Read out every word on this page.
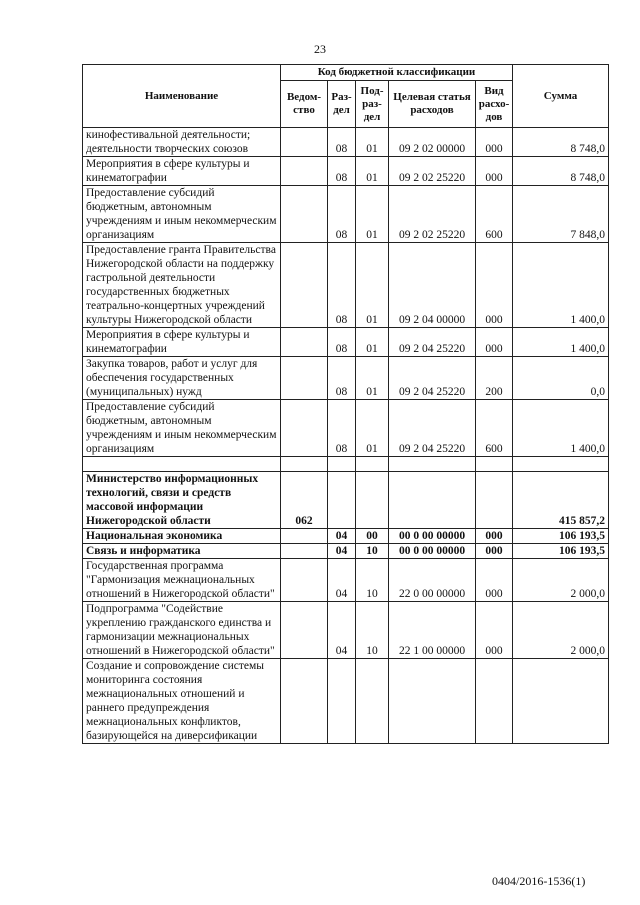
23
Наименование	Код бюджетной классификации					Сумма
	Ведом-ство	Раз-дел	Под-раз-дел	Целевая статья расходов	Вид расхо-дов	
кинофестивальной деятельности; деятельности творческих союзов		08	01	09 2 02 00000	000	8 748,0
Мероприятия в сфере культуры и кинематографии		08	01	09 2 02 25220	000	8 748,0
Предоставление субсидий бюджетным, автономным учреждениям и иным некоммерческим организациям		08	01	09 2 02 25220	600	7 848,0
Предоставление гранта Правительства Нижегородской области на поддержку гастрольной деятельности государственных бюджетных театрально-концертных учреждений культуры Нижегородской области		08	01	09 2 04 00000	000	1 400,0
Мероприятия в сфере культуры и кинематографии		08	01	09 2 04 25220	000	1 400,0
Закупка товаров, работ и услуг для обеспечения государственных (муниципальных) нужд		08	01	09 2 04 25220	200	0,0
Предоставление субсидий бюджетным, автономным учреждениям и иным некоммерческим организациям		08	01	09 2 04 25220	600	1 400,0

Министерство информационных технологий, связи и средств массовой информации Нижегородской области	062					415 857,2
Национальная экономика		04	00	00 0 00 00000	000	106 193,5
Связь и информатика		04	10	00 0 00 00000	000	106 193,5
Государственная программа "Гармонизация межнациональных отношений в Нижегородской области"		04	10	22 0 00 00000	000	2 000,0
Подпрограмма "Содействие укреплению гражданского единства и гармонизации межнациональных отношений в Нижегородской области"		04	10	22 1 00 00000	000	2 000,0
Создание и сопровождение системы мониторинга состояния межнациональных отношений и раннего предупреждения межнациональных конфликтов, базирующейся на диверсификации						
0404/2016-1536(1)
